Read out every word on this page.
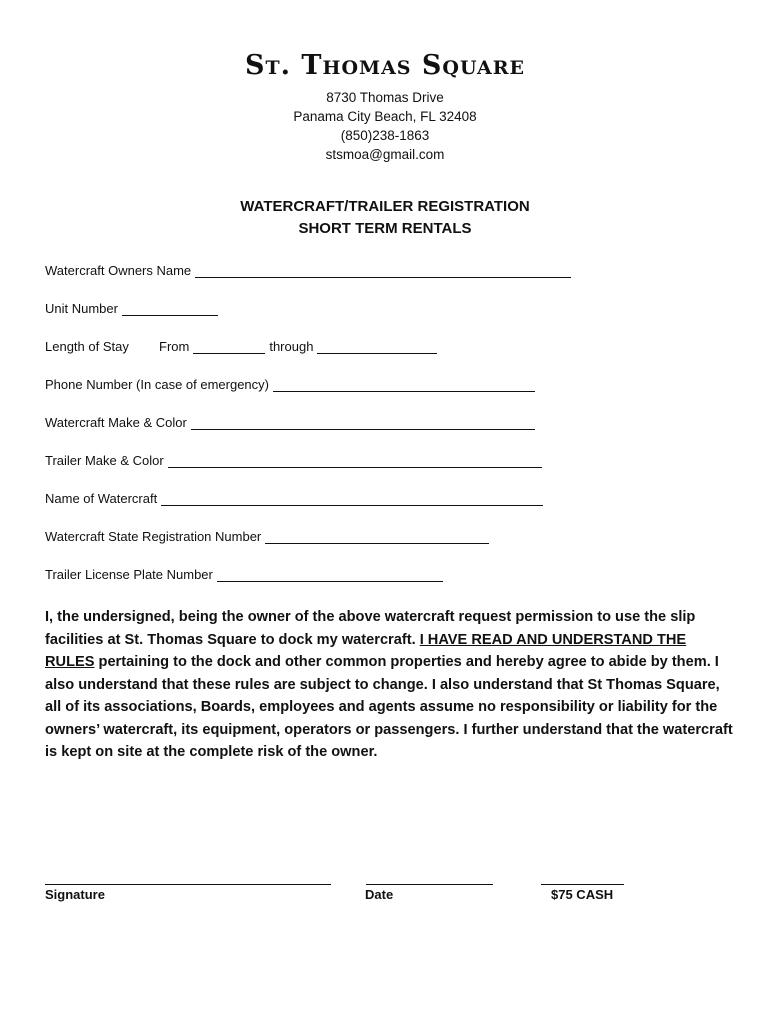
St. Thomas Square
8730 Thomas Drive
Panama City Beach, FL 32408
(850)238-1863
stsmoa@gmail.com
WATERCRAFT/TRAILER REGISTRATION
SHORT TERM RENTALS
Watercraft Owners Name
Unit Number
Length of Stay	From	through
Phone Number (In case of emergency)
Watercraft Make & Color
Trailer Make & Color
Name of Watercraft
Watercraft State Registration Number
Trailer License Plate Number
I, the undersigned, being the owner of the above watercraft request permission to use the slip facilities at St. Thomas Square to dock my watercraft. I HAVE READ AND UNDERSTAND THE RULES pertaining to the dock and other common properties and hereby agree to abide by them. I also understand that these rules are subject to change. I also understand that St Thomas Square, all of its associations, Boards, employees and agents assume no responsibility or liability for the owners’ watercraft, its equipment, operators or passengers. I further understand that the watercraft is kept on site at the complete risk of the owner.
Signature	Date	$75 CASH
